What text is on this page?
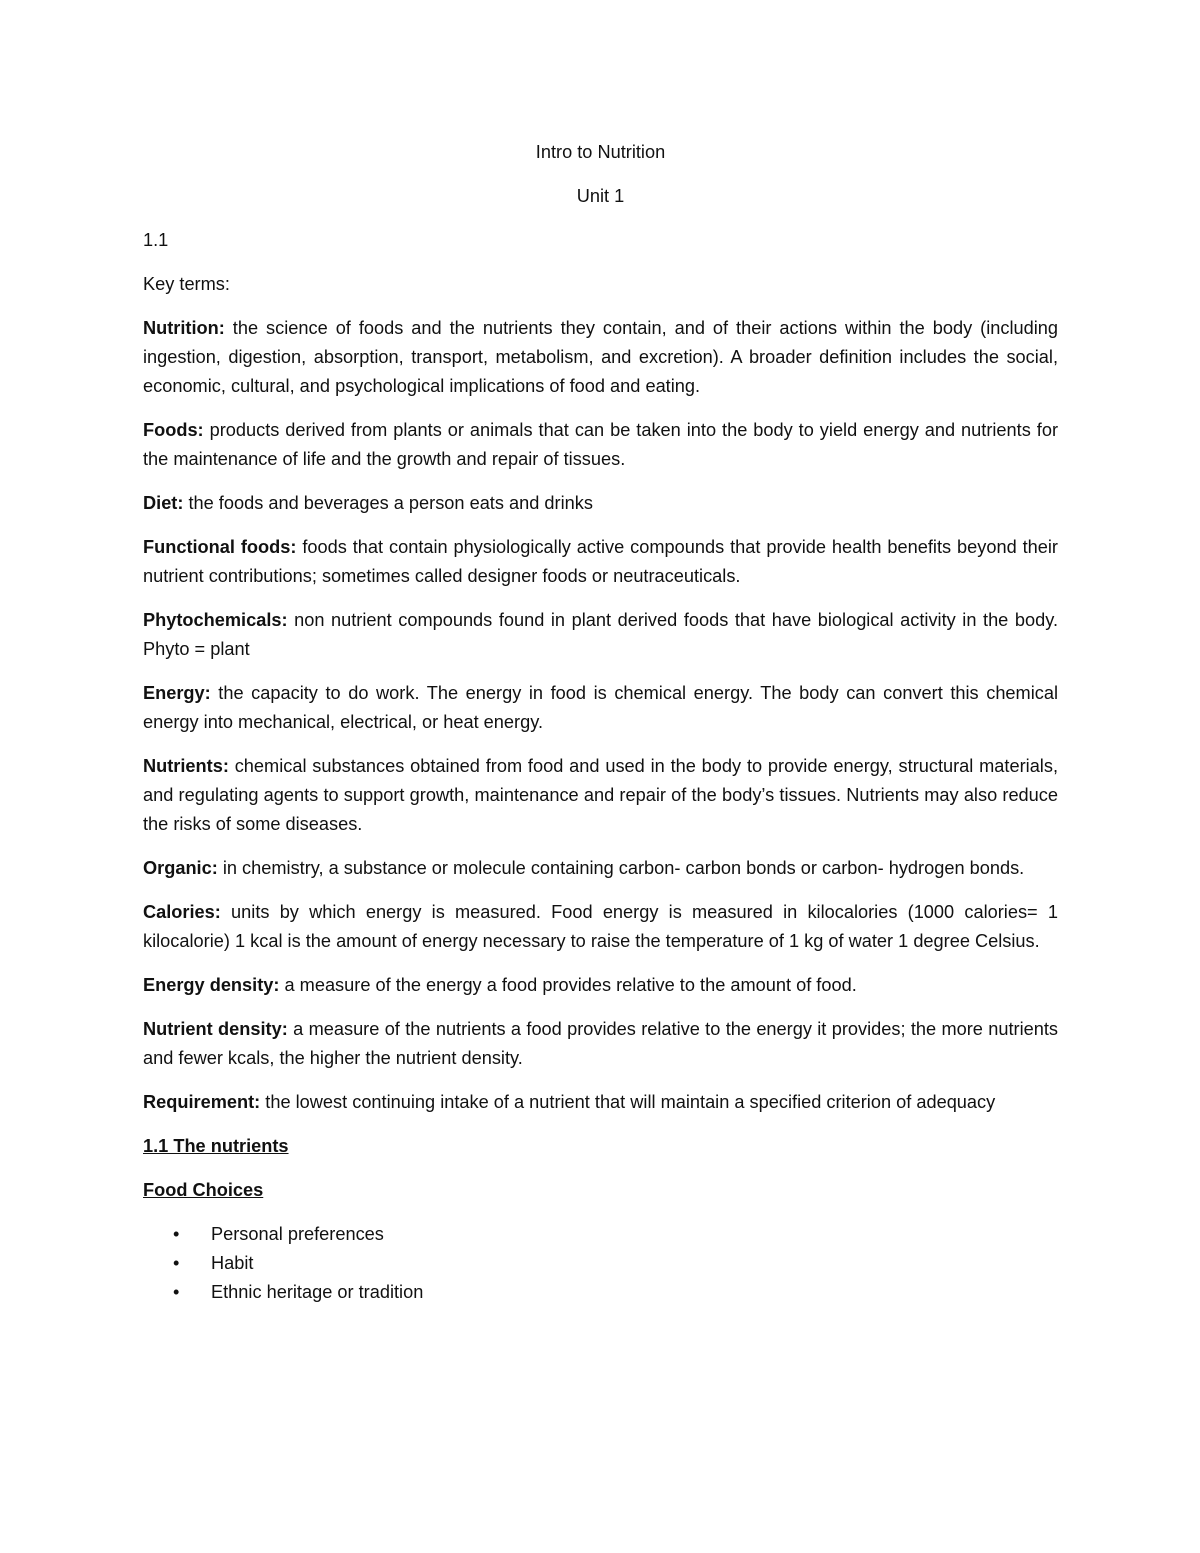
Intro to Nutrition

Unit 1

1.1

Key terms:

Nutrition: the science of foods and the nutrients they contain, and of their actions within the body (including ingestion, digestion, absorption, transport, metabolism, and excretion). A broader definition includes the social, economic, cultural, and psychological implications of food and eating.

Foods: products derived from plants or animals that can be taken into the body to yield energy and nutrients for the maintenance of life and the growth and repair of tissues.

Diet: the foods and beverages a person eats and drinks

Functional foods: foods that contain physiologically active compounds that provide health benefits beyond their nutrient contributions; sometimes called designer foods or neutraceuticals.

Phytochemicals: non nutrient compounds found in plant derived foods that have biological activity in the body. Phyto = plant

Energy: the capacity to do work. The energy in food is chemical energy. The body can convert this chemical energy into mechanical, electrical, or heat energy.

Nutrients: chemical substances obtained from food and used in the body to provide energy, structural materials, and regulating agents to support growth, maintenance and repair of the body’s tissues. Nutrients may also reduce the risks of some diseases.

Organic: in chemistry, a substance or molecule containing carbon- carbon bonds or carbon- hydrogen bonds.

Calories: units by which energy is measured. Food energy is measured in kilocalories (1000 calories= 1 kilocalorie) 1 kcal is the amount of energy necessary to raise the temperature of 1 kg of water 1 degree Celsius.

Energy density: a measure of the energy a food provides relative to the amount of food.

Nutrient density: a measure of the nutrients a food provides relative to the energy it provides; the more nutrients and fewer kcals, the higher the nutrient density.

Requirement: the lowest continuing intake of a nutrient that will maintain a specified criterion of adequacy

1.1 The nutrients

Food Choices

• Personal preferences
• Habit
• Ethnic heritage or tradition
